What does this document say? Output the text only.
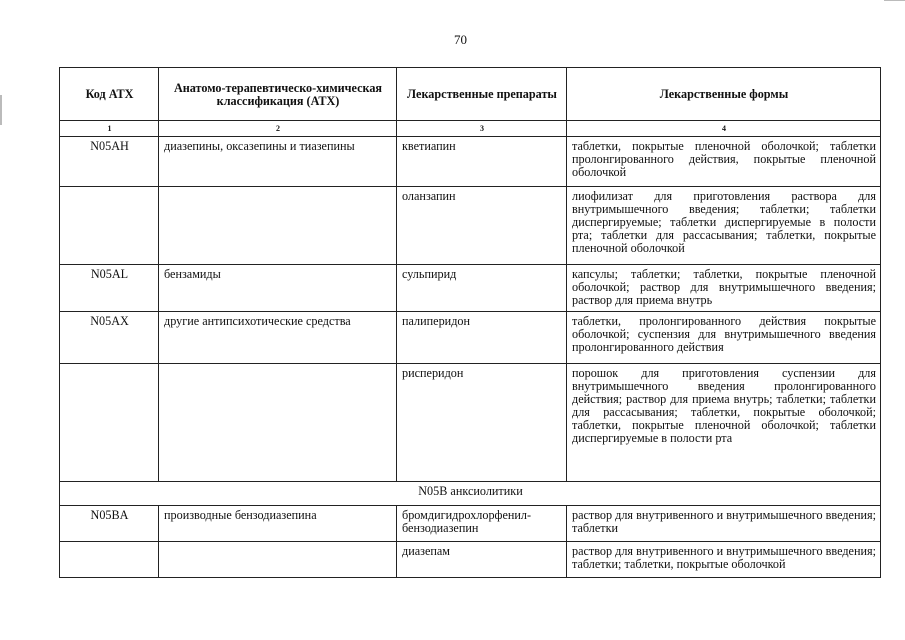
70
Код АТХ	Анатомо-терапевтическо-химическая классификация (АТХ)	Лекарственные препараты	Лекарственные формы
1	2	3	4
N05AH	диазепины, оксазепины и тиазепины	кветиапин	таблетки, покрытые пленочной оболочкой; таблетки пролонгированного действия, покрытые пленочной оболочкой
		оланзапин	лиофилизат для приготовления раствора для внутримышечного введения; таблетки; таблетки диспергируемые; таблетки диспергируемые в полости рта; таблетки для рассасывания; таблетки, покрытые пленочной оболочкой
N05AL	бензамиды	сульпирид	капсулы; таблетки; таблетки, покрытые пленочной оболочкой; раствор для внутримышечного введения; раствор для приема внутрь
N05AX	другие антипсихотические средства	палиперидон	таблетки, пролонгированного действия покрытые оболочкой; суспензия для внутримышечного введения пролонгированного действия
		рисперидон	порошок для приготовления суспензии для внутримышечного введения пролонгированного действия; раствор для приема внутрь; таблетки; таблетки для рассасывания; таблетки, покрытые оболочкой; таблетки, покрытые пленочной оболочкой; таблетки диспергируемые в полости рта
N05B анксиолитики			
N05BA	производные бензодиазепина	бромдигидрохлорфенил-бензодиазепин	раствор для внутривенного и внутримышечного введения; таблетки
		диазепам	раствор для внутривенного и внутримышечного введения; таблетки; таблетки, покрытые оболочкой
